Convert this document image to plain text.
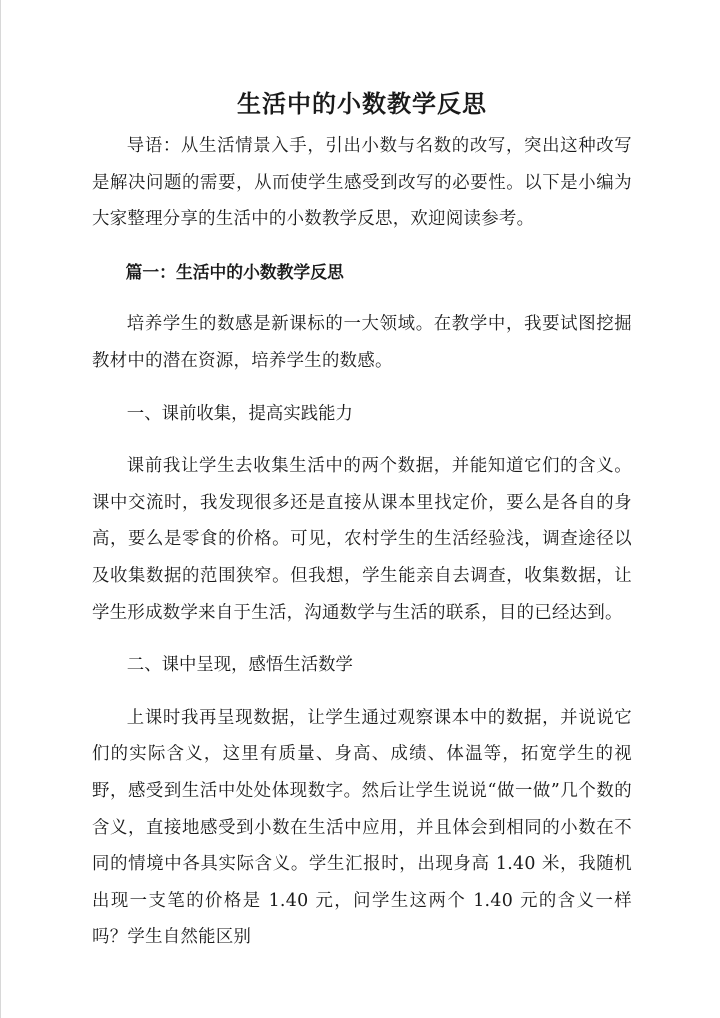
生活中的小数教学反思

导语：从生活情景入手，引出小数与名数的改写，突出这种改写是解决问题的需要，从而使学生感受到改写的必要性。以下是小编为大家整理分享的生活中的小数教学反思，欢迎阅读参考。

篇一：生活中的小数教学反思

培养学生的数感是新课标的一大领域。在教学中，我要试图挖掘教材中的潜在资源，培养学生的数感。

一、课前收集，提高实践能力

课前我让学生去收集生活中的两个数据，并能知道它们的含义。课中交流时，我发现很多还是直接从课本里找定价，要么是各自的身高，要么是零食的价格。可见，农村学生的生活经验浅，调查途径以及收集数据的范围狭窄。但我想，学生能亲自去调查，收集数据，让学生形成数学来自于生活，沟通数学与生活的联系，目的已经达到。

二、课中呈现，感悟生活数学

上课时我再呈现数据，让学生通过观察课本中的数据，并说说它们的实际含义，这里有质量、身高、成绩、体温等，拓宽学生的视野，感受到生活中处处体现数字。然后让学生说说“做一做”几个数的含义，直接地感受到小数在生活中应用，并且体会到相同的小数在不同的情境中各具实际含义。学生汇报时，出现身高 1.40 米，我随机出现一支笔的价格是 1.40 元，问学生这两个 1.40 元的含义一样吗？学生自然能区别
